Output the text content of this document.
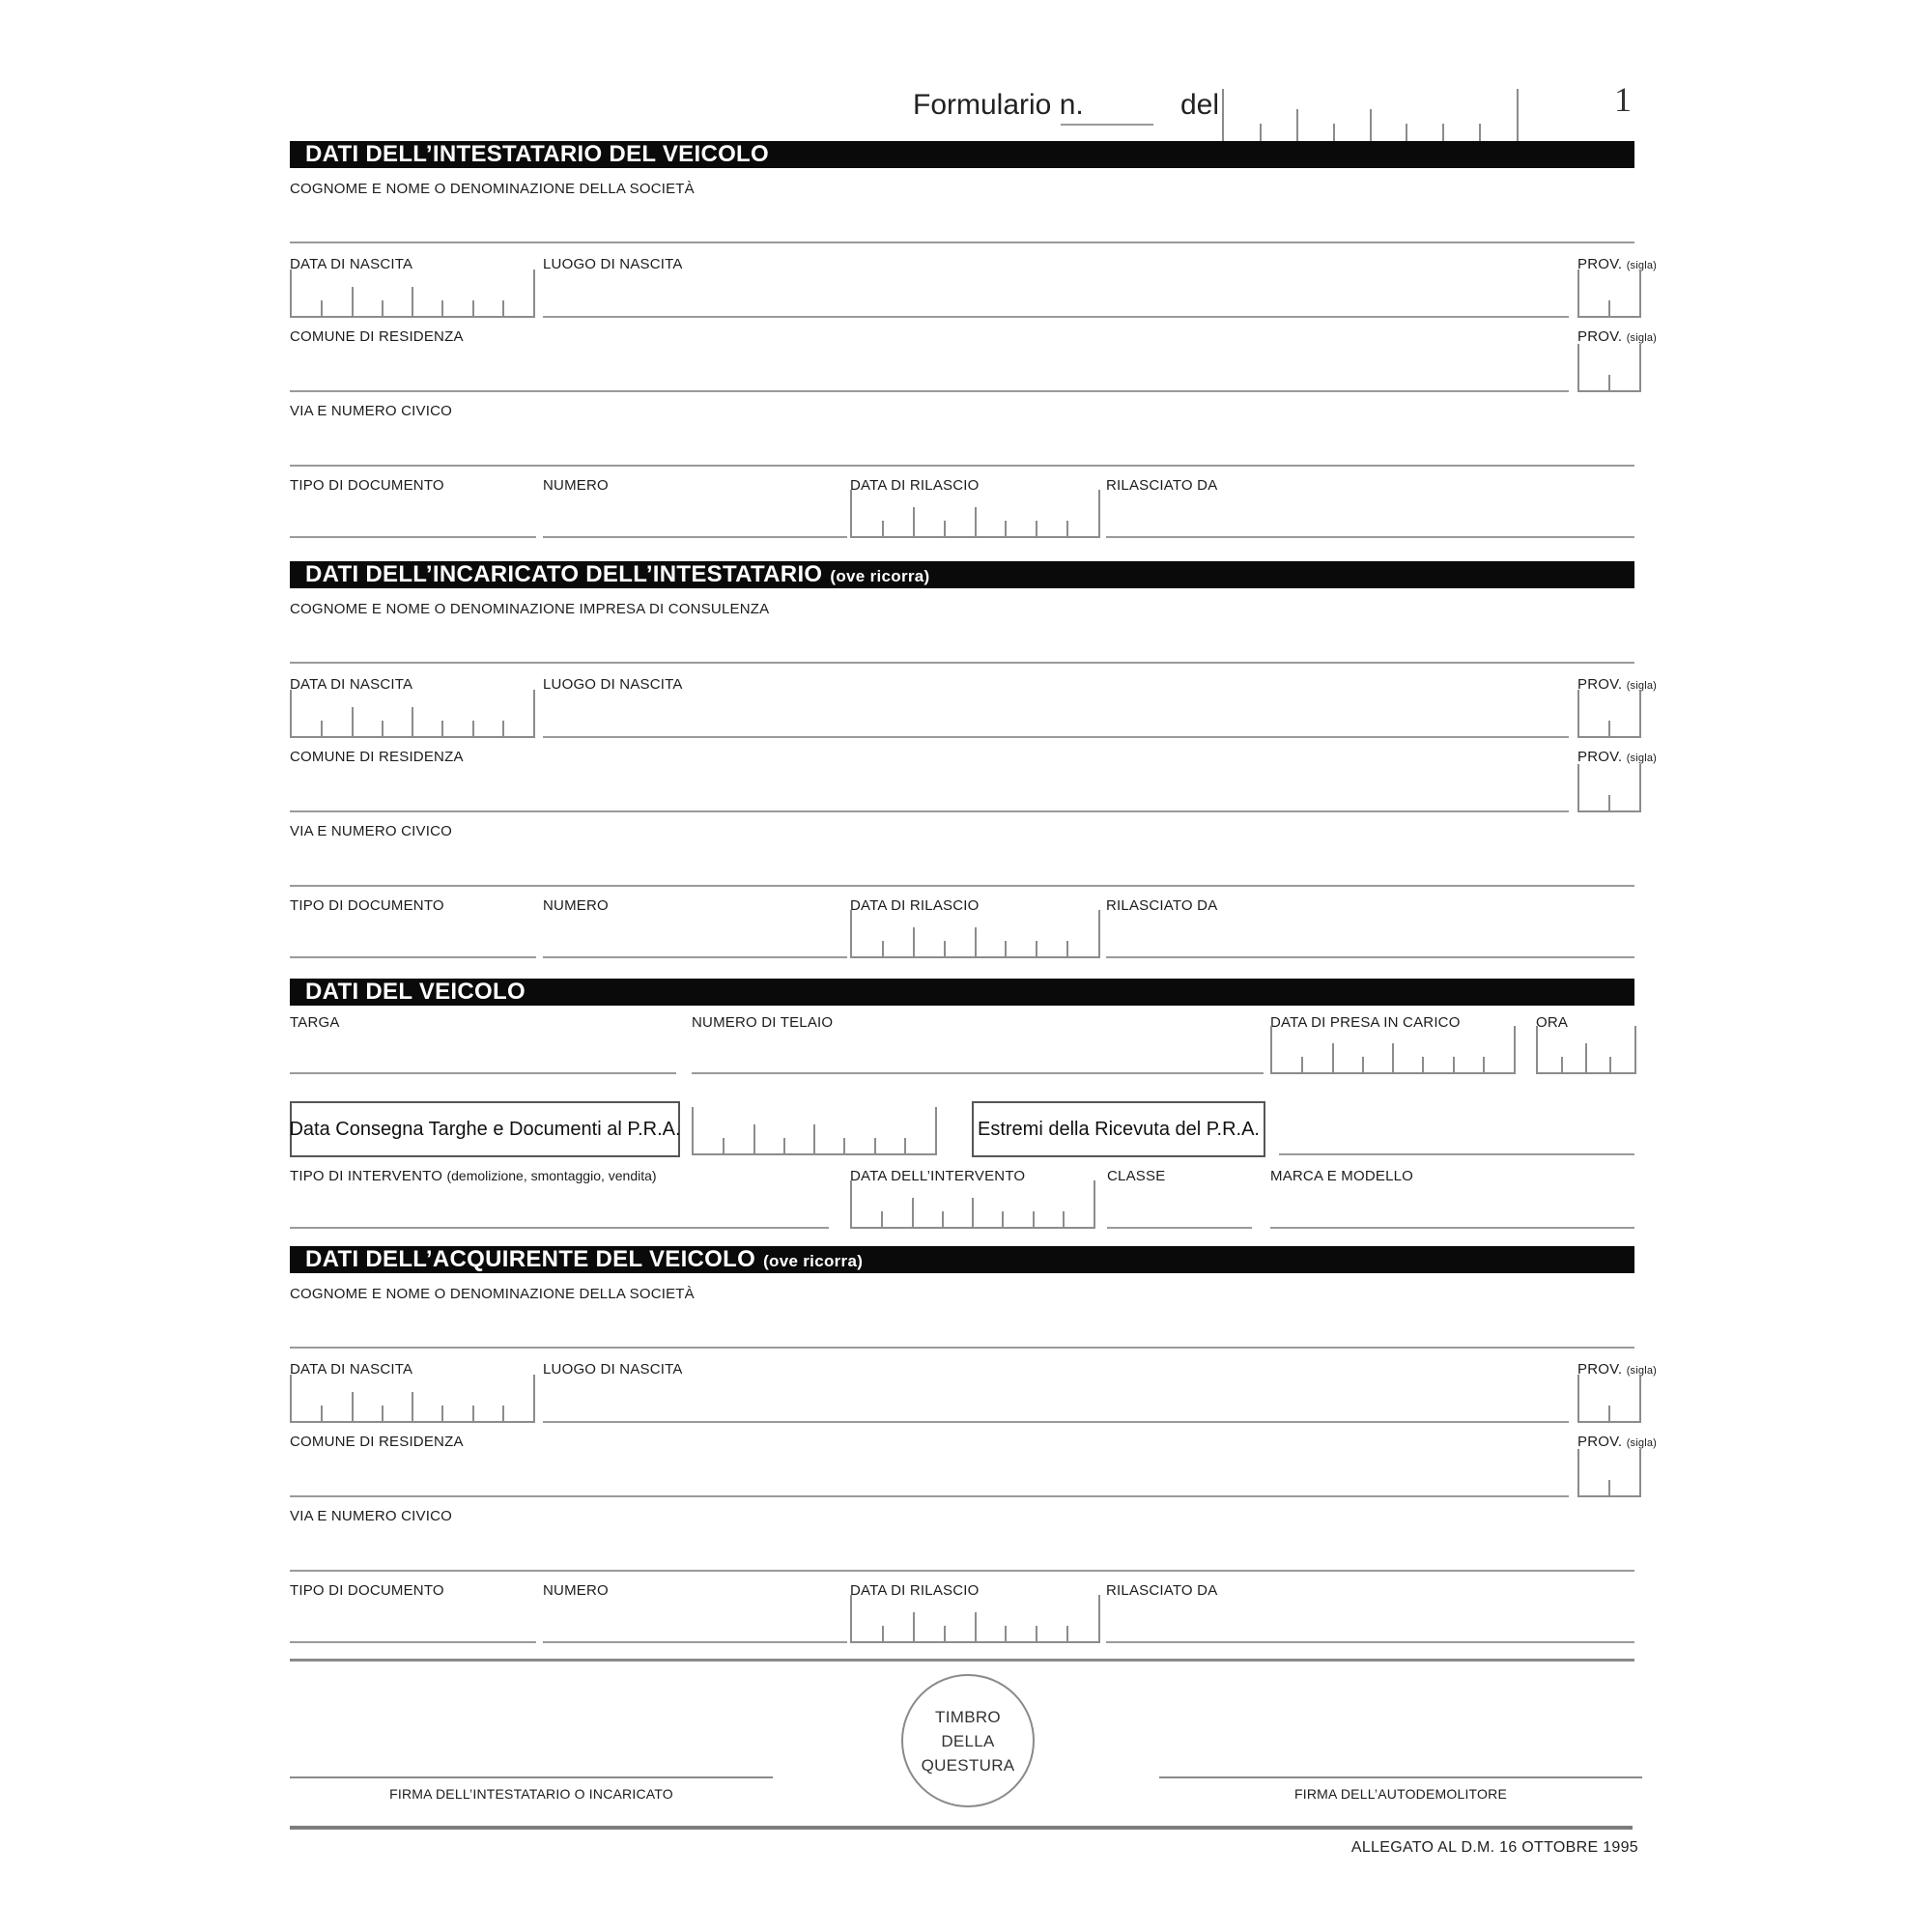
Formulario n.	del	1
DATI DELL’INTESTATARIO DEL VEICOLO
COGNOME E NOME O DENOMINAZIONE DELLA SOCIETÀ
DATA DI NASCITA	LUOGO DI NASCITA	PROV. (sigla)
COMUNE DI RESIDENZA	PROV. (sigla)
VIA E NUMERO CIVICO
TIPO DI DOCUMENTO	NUMERO	DATA DI RILASCIO	RILASCIATO DA
DATI DELL’INCARICATO DELL’INTESTATARIO (ove ricorra)
COGNOME E NOME O DENOMINAZIONE IMPRESA DI CONSULENZA
DATA DI NASCITA	LUOGO DI NASCITA	PROV. (sigla)
COMUNE DI RESIDENZA	PROV. (sigla)
VIA E NUMERO CIVICO
TIPO DI DOCUMENTO	NUMERO	DATA DI RILASCIO	RILASCIATO DA
DATI DEL VEICOLO
TARGA	NUMERO DI TELAIO	DATA DI PRESA IN CARICO	ORA
Data Consegna Targhe e Documenti al P.R.A.	Estremi della Ricevuta del P.R.A.
TIPO DI INTERVENTO (demolizione, smontaggio, vendita)	DATA DELL’INTERVENTO	CLASSE	MARCA E MODELLO
DATI DELL’ACQUIRENTE DEL VEICOLO (ove ricorra)
COGNOME E NOME O DENOMINAZIONE DELLA SOCIETÀ
DATA DI NASCITA	LUOGO DI NASCITA	PROV. (sigla)
COMUNE DI RESIDENZA	PROV. (sigla)
VIA E NUMERO CIVICO
TIPO DI DOCUMENTO	NUMERO	DATA DI RILASCIO	RILASCIATO DA
TIMBRO
DELLA
QUESTURA
FIRMA DELL’INTESTATARIO O INCARICATO	FIRMA DELL’AUTODEMOLITORE
ALLEGATO AL D.M. 16 OTTOBRE 1995
